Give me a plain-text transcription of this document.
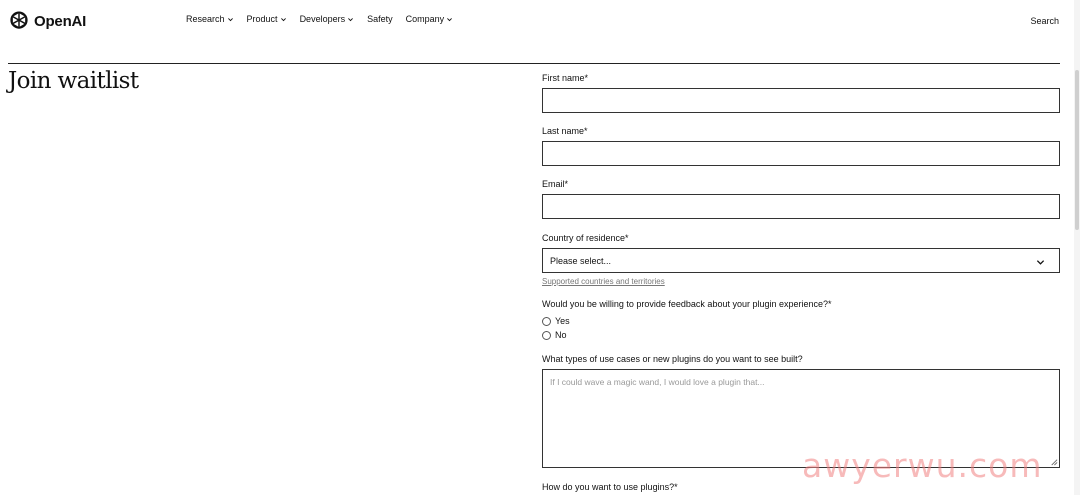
OpenAI	Research Product Developers Safety Company	Search
Join waitlist	First name*
Last name*
Email*
Country of residence*
Please select...
Supported countries and territories
Would you be willing to provide feedback about your plugin experience?*
Yes
No
What types of use cases or new plugins do you want to see built?
If I could wave a magic wand, I would love a plugin that...
How do you want to use plugins?*
awyerwu.com
